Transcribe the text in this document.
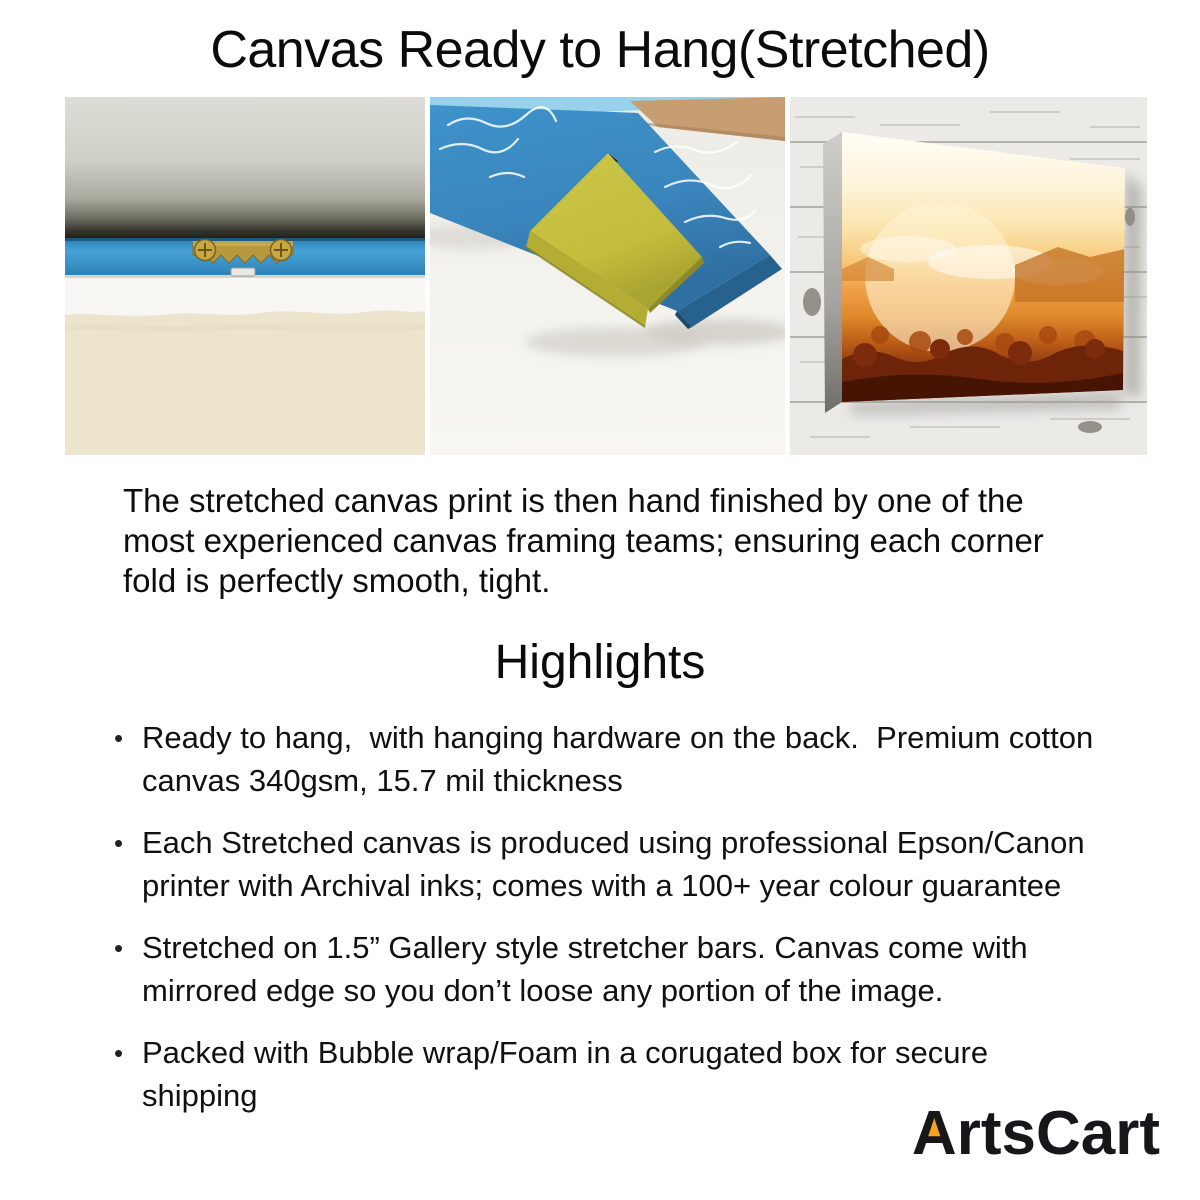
Canvas Ready to Hang(Stretched)
The stretched canvas print is then hand finished by one of the
most experienced canvas framing teams; ensuring each corner
fold is perfectly smooth, tight.
Highlights
• Ready to hang,  with hanging hardware on the back.  Premium cotton
canvas 340gsm, 15.7 mil thickness
• Each Stretched canvas is produced using professional Epson/Canon
printer with Archival inks; comes with a 100+ year colour guarantee
• Stretched on 1.5” Gallery style stretcher bars. Canvas come with
mirrored edge so you don’t loose any portion of the image.
• Packed with Bubble wrap/Foam in a corugated box for secure
shipping
A rtsCart
